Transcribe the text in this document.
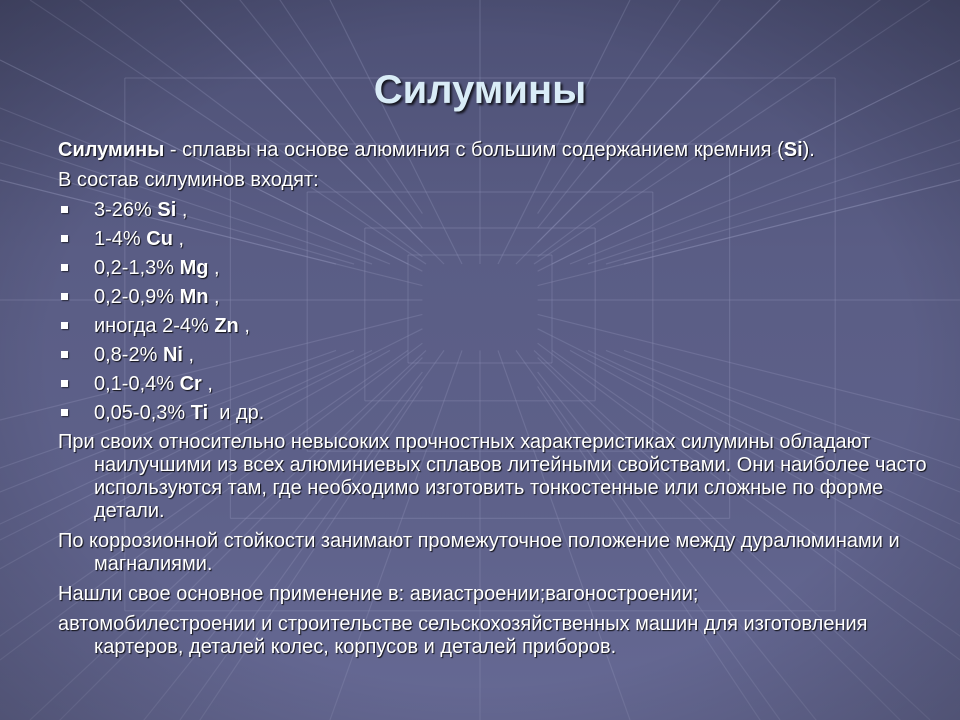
Силумины

Силумины - сплавы на основе алюминия с большим содержанием кремния (Si).

В состав силуминов входят:

3-26% Si ,
1-4% Cu ,
0,2-1,3% Mg ,
0,2-0,9% Mn ,
иногда 2-4% Zn ,
0,8-2% Ni ,
0,1-0,4% Cr ,
0,05-0,3% Ti  и др.

При своих относительно невысоких прочностных характеристиках силумины обладают наилучшими из всех алюминиевых сплавов литейными свойствами. Они наиболее часто используются там, где необходимо изготовить тонкостенные или сложные по форме детали.

По коррозионной стойкости занимают промежуточное положение между дуралюминами и магналиями.

Нашли свое основное применение в: авиастроении;вагоностроении;

автомобилестроении и строительстве сельскохозяйственных машин для изготовления картеров, деталей колес, корпусов и деталей приборов.
